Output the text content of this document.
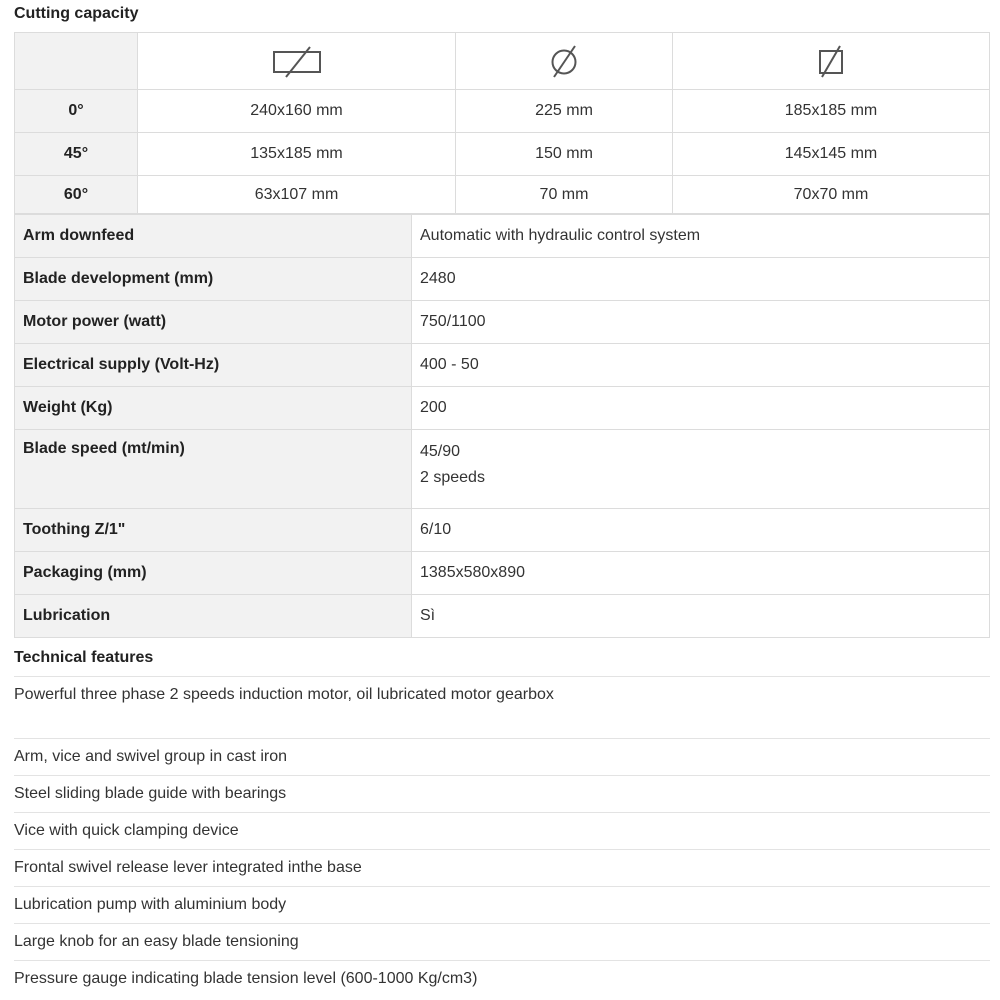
Cutting capacity

0°	240x160 mm	225 mm	185x185 mm
45°	135x185 mm	150 mm	145x145 mm
60°	63x107 mm	70 mm	70x70 mm
Arm downfeed	Automatic with hydraulic control system
Blade development (mm)	2480
Motor power (watt)	750/1100
Electrical supply (Volt-Hz)	400 - 50
Weight (Kg)	200
Blade speed (mt/min)	45/90
2 speeds

Toothing Z/1"	6/10
Packaging (mm)	1385x580x890
Lubrication	Sì
Technical features
Powerful three phase 2 speeds induction motor, oil lubricated motor gearbox
Arm, vice and swivel group in cast iron
Steel sliding blade guide with bearings
Vice with quick clamping device
Frontal swivel release lever integrated inthe base
Lubrication pump with aluminium body
Large knob for an easy blade tensioning
Pressure gauge indicating blade tension level (600-1000 Kg/cm3)
